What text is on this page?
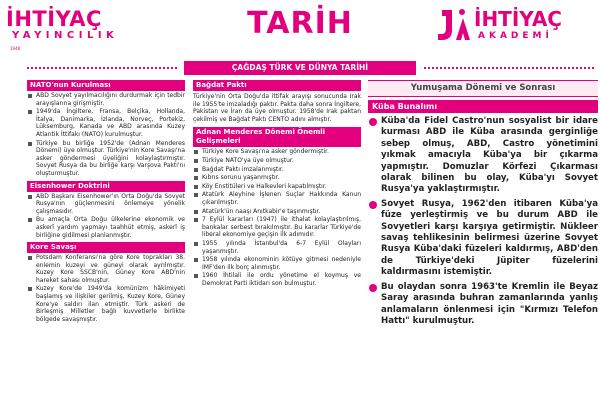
İHTİYAÇ
YAYINCILIK
1948
TARİH	İHTİYAÇ
AKADEMİ
ÇAĞDAŞ TÜRK VE DÜNYA TARİHİ
NATO'nun Kurulması
ABD Sovyet yayılmacılığını durdurmak için tedbir arayışlarına girişmiştir.
1949'da İngiltere, Fransa, Belçika, Hollanda, İtalya, Danimarka, İzlanda, Norveç, Portekiz, Lüksemburg, Kanada ve ABD arasında Kuzey Atlantik İttifakı (NATO) kurulmuştur.
Türkiye bu birliğe 1952'de (Adnan Menderes Dönemi) üye olmuştur. Türkiye'nin Kore Savaşı'na asker göndermesi üyeliğini kolaylaştırmıştır. Sovyet Rusya da bu birliğe karşı Varşova Paktı'nı oluşturmuştur.
Eisenhower Doktrini
ABD Başkanı Eisenhower'ın Orta Doğu'da Sovyet Rusya'nın güçlenmesini önlemeye yönelik çalışmasıdır.
Bu amaçla Orta Doğu ülkelerine ekonomik ve askerî yardım yapmayı taahhüt etmiş, askerî iş birliğine gidilmesi planlanmıştır.
Kore Savaşı
Potsdam Konferansı'na göre Kore toprakları 38. enlemin kuzeyi ve güneyi olarak ayrılmıştır. Kuzey Kore SSCB'nin, Güney Kore ABD'nin hareket sahası olmuştur.
Kuzey Kore'de 1949'da komünizm hâkimiyeti başlamış ve ilişkiler gerilmiş, Kuzey Kore, Güney Kore'ye saldırı ilan etmiştir. Türk askeri de Birleşmiş Milletler bağlı kuvvetlerle birlikte bölgede savaşmıştır.
Bağdat Paktı
Türkiye'nin Orta Doğu'da ittifak arayışı sonucunda Irak ile 1955'te imzaladığı paktır. Pakta daha sonra İngiltere, Pakistan ve İran da üye olmuştur. 1958'de Irak paktan çekilmiş ve Bağdat Paktı CENTO adını almıştır.
Adnan Menderes Dönemi Önemli Gelişmeleri
Türkiye Kore Savaşı'na asker göndermiştir.
Türkiye NATO'ya üye olmuştur.
Bağdat Paktı imzalanmıştır.
Kıbrıs sorunu yaşanmıştır.
Köy Enstitüleri ve Halkevleri kapatılmıştır.
Atatürk Aleyhine İşlenen Suçlar Hakkında Kanun çıkarılmıştır.
Atatürk'ün naaşı Anıtkabir'e taşınmıştır.
7 Eylül kararları (1947) ile ithalat kolaylaştırılmış, bankalar serbest bırakılmıştır. Bu kararlar Türkiye'de liberal ekonomiye geçişin ilk adımıdır.
1955 yılında İstanbul'da 6-7 Eylül Olayları yaşanmıştır.
1958 yılında ekonominin kötüye gitmesi nedeniyle IMF'den ilk borç alınmıştır.
1960 İhtilali ile ordu yönetime el koymuş ve Demokrat Parti iktidarı son bulmuştur.
Yumuşama Dönemi ve Sonrası
Küba Bunalımı
Küba'da Fidel Castro'nun sosyalist bir idare kurması ABD ile Küba arasında gerginliğe sebep olmuş, ABD, Castro yönetimini yıkmak amacıyla Küba'ya bir çıkarma yapmıştır. Domuzlar Körfezi Çıkarması olarak bilinen bu olay, Küba'yı Sovyet Rusya'ya yaklaştırmıştır.
Sovyet Rusya, 1962'den itibaren Küba'ya füze yerleştirmiş ve bu durum ABD ile Sovyetleri karşı karşıya getirmiştir. Nükleer savaş tehlikesinin belirmesi üzerine Sovyet Rusya Küba'daki füzeleri kaldırmış, ABD'den de Türkiye'deki Jüpiter füzelerini kaldırmasını istemiştir.
Bu olaydan sonra 1963'te Kremlin ile Beyaz Saray arasında buhran zamanlarında yanlış anlamaların önlenmesi için "Kırmızı Telefon Hattı" kurulmuştur.
